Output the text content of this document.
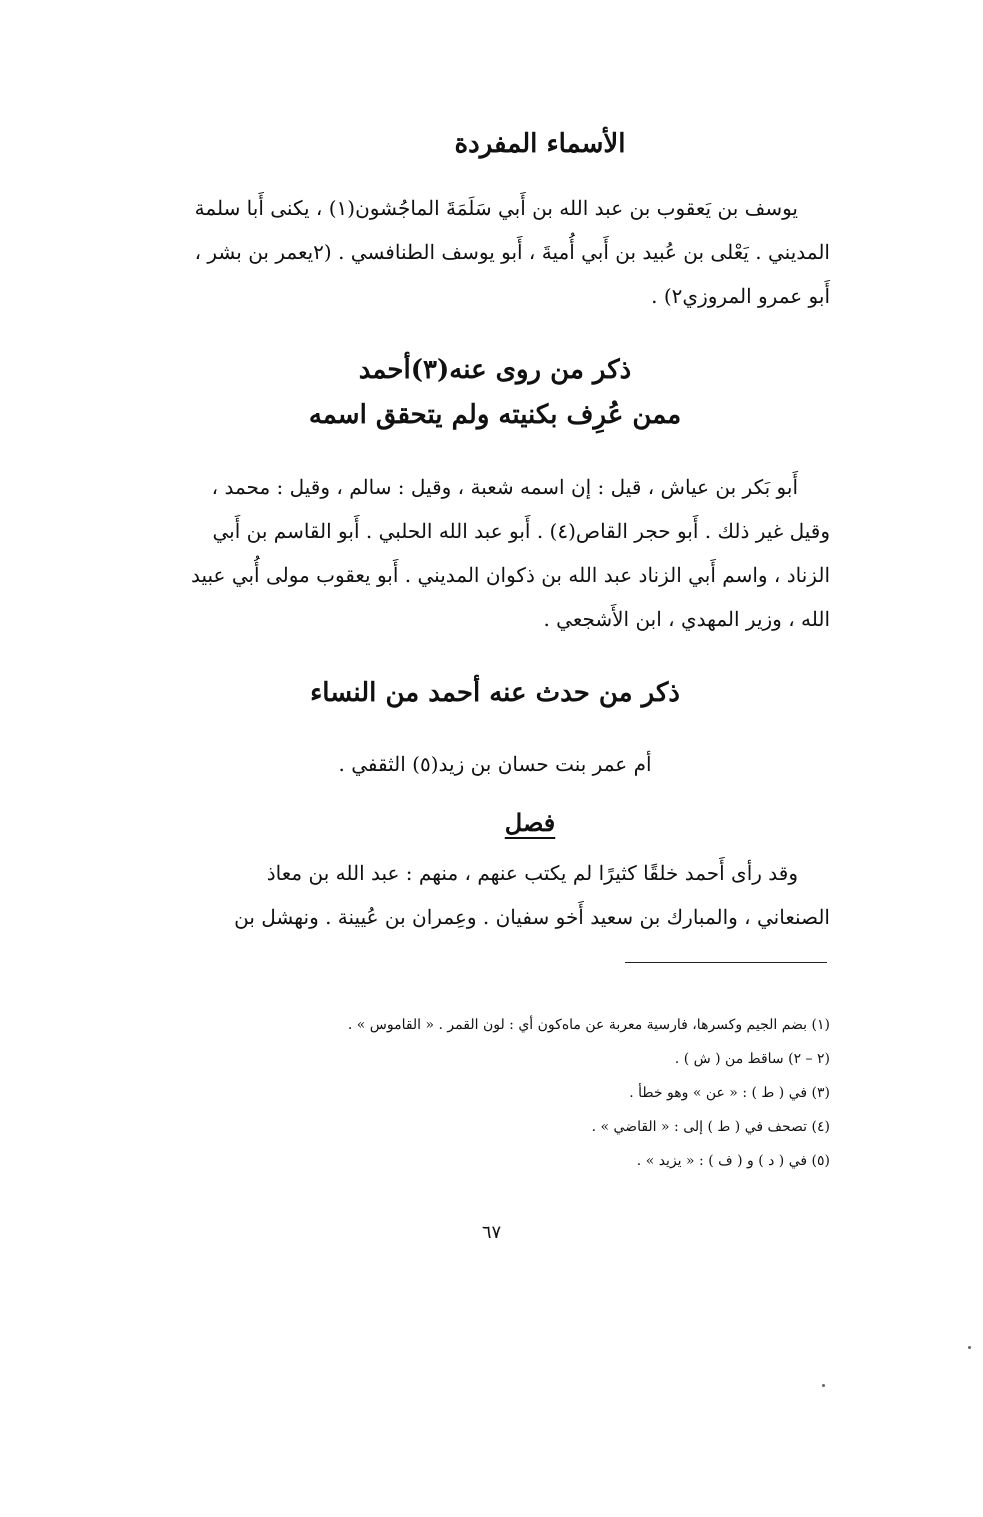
الأسماء المفردة

يوسف بن يَعقوب بن عبد الله بن أَبي سَلَمَةَ الماجُشون(١) ، يكنى أَبا سلمة

المديني . يَعْلى بن عُبيد بن أَبي أُميةَ ، أَبو يوسف الطنافسي . (٢يعمر بن بشر ،

أَبو عمرو المروزي٢) .

ذكر من روى عنه(٣)أحمد
ممن عُرِف بكنيته ولم يتحقق اسمه

أَبو بَكر بن عياش ، قيل : إن اسمه شعبة ، وقيل : سالم ، وقيل : محمد ،

وقيل غير ذلك . أَبو حجر القاص(٤) . أَبو عبد الله الحلبي . أَبو القاسم بن أَبي

الزناد ، واسم أَبي الزناد عبد الله بن ذكوان المديني . أَبو يعقوب مولى أُبي عبيد

الله ، وزير المهدي ، ابن الأَشجعي .

ذكر من حدث عنه أحمد من النساء

أم عمر بنت حسان بن زيد(٥) الثقفي .

فصل

وقد رأى أَحمد خلقًا كثيرًا لم يكتب عنهم ، منهم : عبد الله بن معاذ

الصنعاني ، والمبارك بن سعيد أَخو سفيان . وعِمران بن عُيينة . ونهشل بن

(١) بضم الجيم وكسرها، فارسية معربة عن ماه‌كون أي : لون القمر . « القاموس » .

(٢ – ٢) ساقط من ( ش ) .

(٣) في ( ط ) : « عن » وهو خطأ .

(٤) تصحف في ( ط ) إلى : « القاضي » .

(٥) في ( د ) و ( ف ) : « يزيد » .

٦٧
